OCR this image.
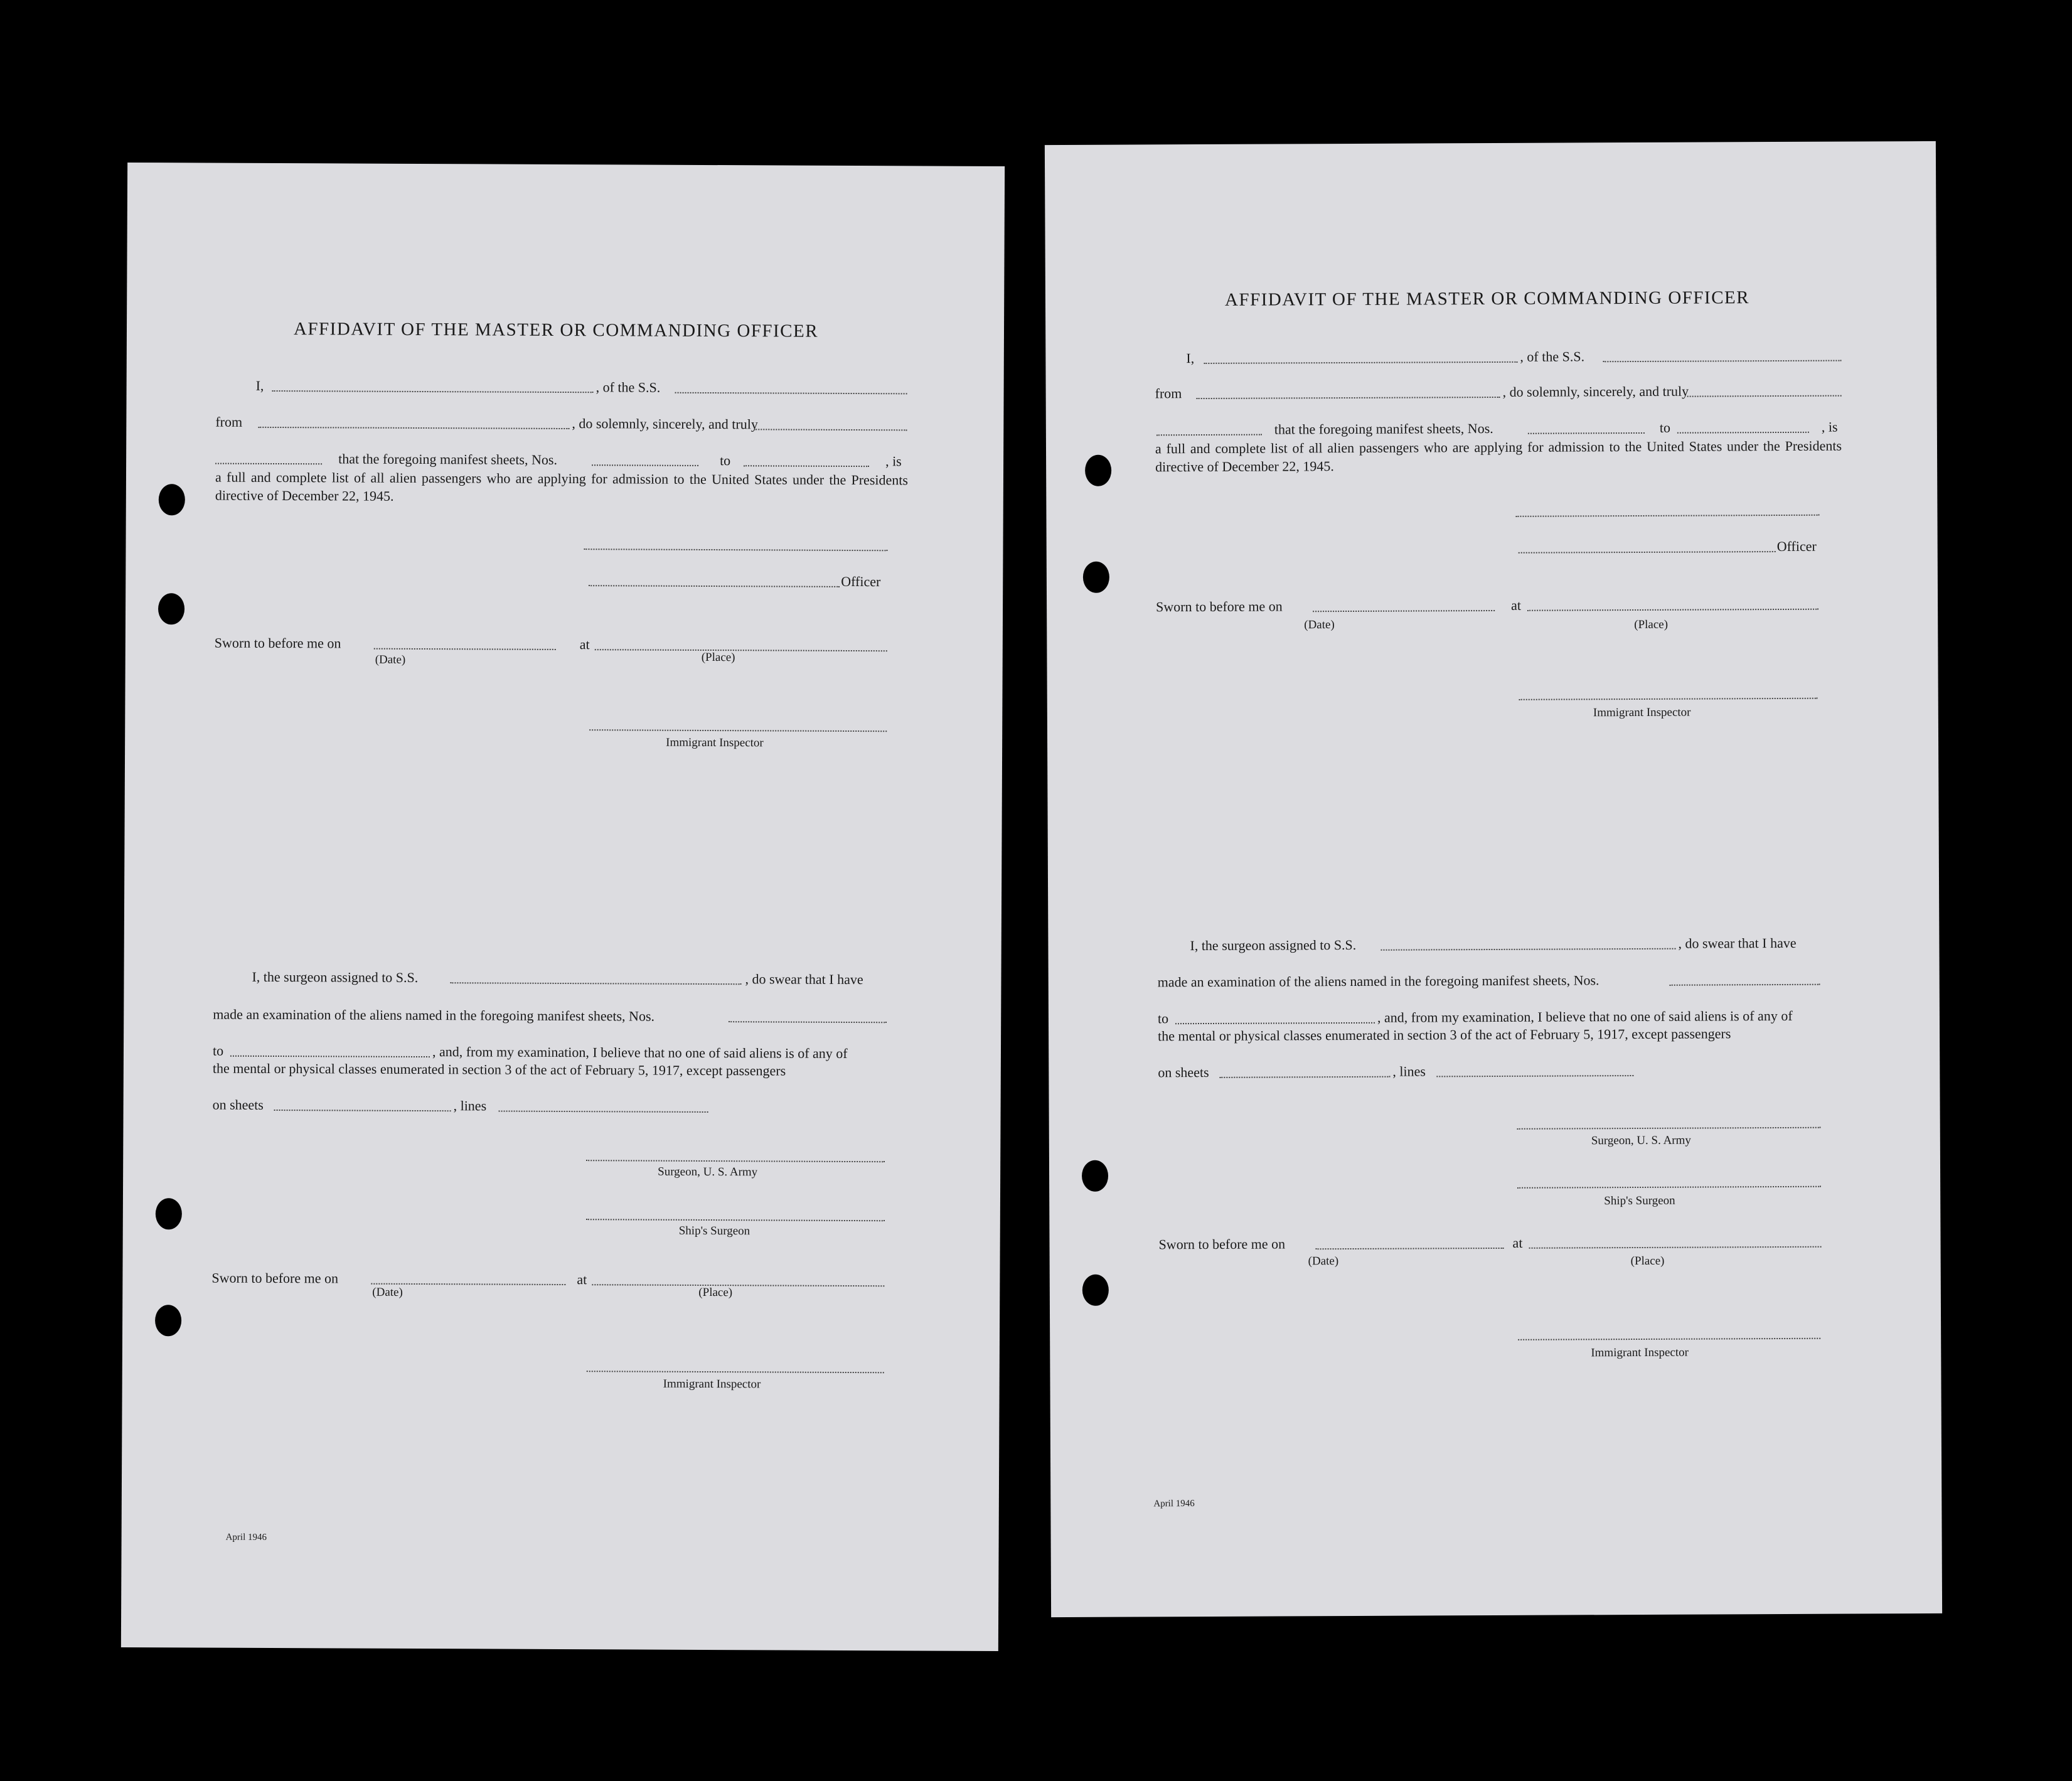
AFFIDAVIT OF THE MASTER OR COMMANDING OFFICER
I,	, of the S.S.
from	, do solemnly, sincerely, and truly
that the foregoing manifest sheets, Nos.	to	, is
a full and complete list of all alien passengers who are applying for admission to the United States under the Presidents directive of December 22, 1945.
Officer
Sworn to before me on	at
(Date)	(Place)
Immigrant Inspector
I, the surgeon assigned to S.S.	, do swear that I have
made an examination of the aliens named in the foregoing manifest sheets, Nos.
to	, and, from my examination, I believe that no one of said aliens is of any of
the mental or physical classes enumerated in section 3 of the act of February 5, 1917, except passengers
on sheets	, lines
Surgeon, U. S. Army
Ship's Surgeon
Sworn to before me on	at
(Date)	(Place)
Immigrant Inspector
April 1946
AFFIDAVIT OF THE MASTER OR COMMANDING OFFICER
I,	, of the S.S.
from	, do solemnly, sincerely, and truly
that the foregoing manifest sheets, Nos.	to	, is
a full and complete list of all alien passengers who are applying for admission to the United States under the Presidents directive of December 22, 1945.
Officer
Sworn to before me on	at
(Date)	(Place)
Immigrant Inspector
I, the surgeon assigned to S.S.	, do swear that I have
made an examination of the aliens named in the foregoing manifest sheets, Nos.
to	, and, from my examination, I believe that no one of said aliens is of any of
the mental or physical classes enumerated in section 3 of the act of February 5, 1917, except passengers
on sheets	, lines
Surgeon, U. S. Army
Ship's Surgeon
Sworn to before me on	at
(Date)	(Place)
Immigrant Inspector
April 1946
